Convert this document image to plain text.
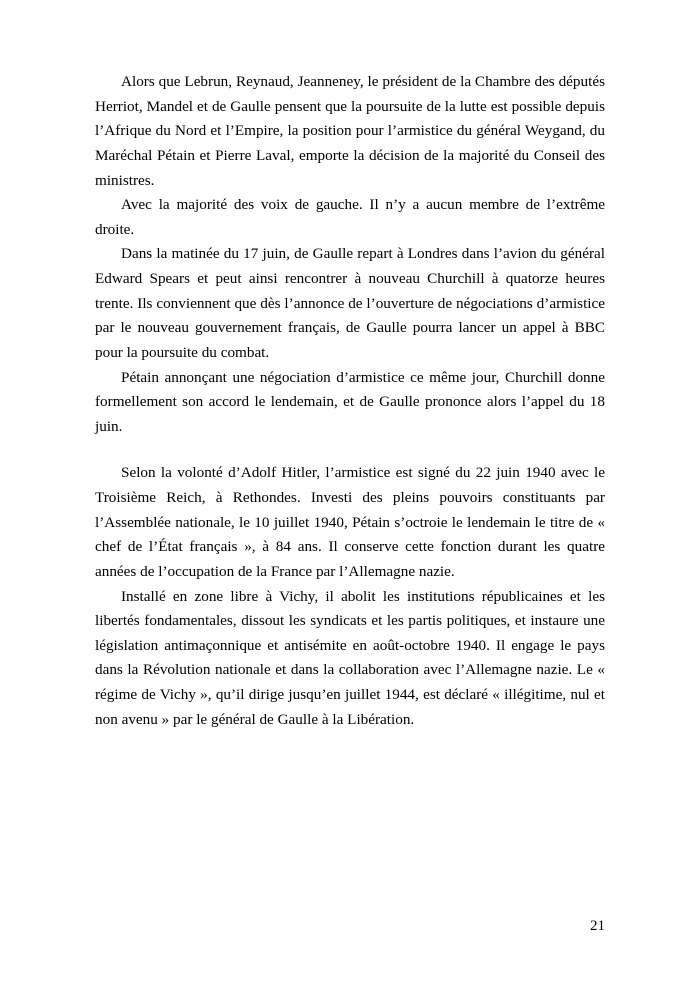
Alors que Lebrun, Reynaud, Jeanneney, le président de la Chambre des députés Herriot, Mandel et de Gaulle pensent que la poursuite de la lutte est possible depuis l’Afrique du Nord et l’Empire, la position pour l’armistice du général Weygand, du Maréchal Pétain et Pierre Laval, emporte la décision de la majorité du Conseil des ministres.

Avec la majorité des voix de gauche. Il n’y a aucun membre de l’extrême droite.

Dans la matinée du 17 juin, de Gaulle repart à Londres dans l’avion du général Edward Spears et peut ainsi rencontrer à nouveau Churchill à quatorze heures trente. Ils conviennent que dès l’annonce de l’ouverture de négociations d’armistice par le nouveau gouvernement français, de Gaulle pourra lancer un appel à BBC pour la poursuite du combat.

Pétain annonçant une négociation d’armistice ce même jour, Churchill donne formellement son accord le lendemain, et de Gaulle prononce alors l’appel du 18 juin.

Selon la volonté d’Adolf Hitler, l’armistice est signé du 22 juin 1940 avec le Troisième Reich, à Rethondes. Investi des pleins pouvoirs constituants par l’Assemblée nationale, le 10 juillet 1940, Pétain s’octroie le lendemain le titre de « chef de l’État français », à 84 ans. Il conserve cette fonction durant les quatre années de l’occupation de la France par l’Allemagne nazie.

Installé en zone libre à Vichy, il abolit les institutions républicaines et les libertés fondamentales, dissout les syndicats et les partis politiques, et instaure une législation antimaçonnique et antisémite en août-octobre 1940. Il engage le pays dans la Révolution nationale et dans la collaboration avec l’Allemagne nazie. Le « régime de Vichy », qu’il dirige jusqu’en juillet 1944, est déclaré « illégitime, nul et non avenu » par le général de Gaulle à la Libération.

21
